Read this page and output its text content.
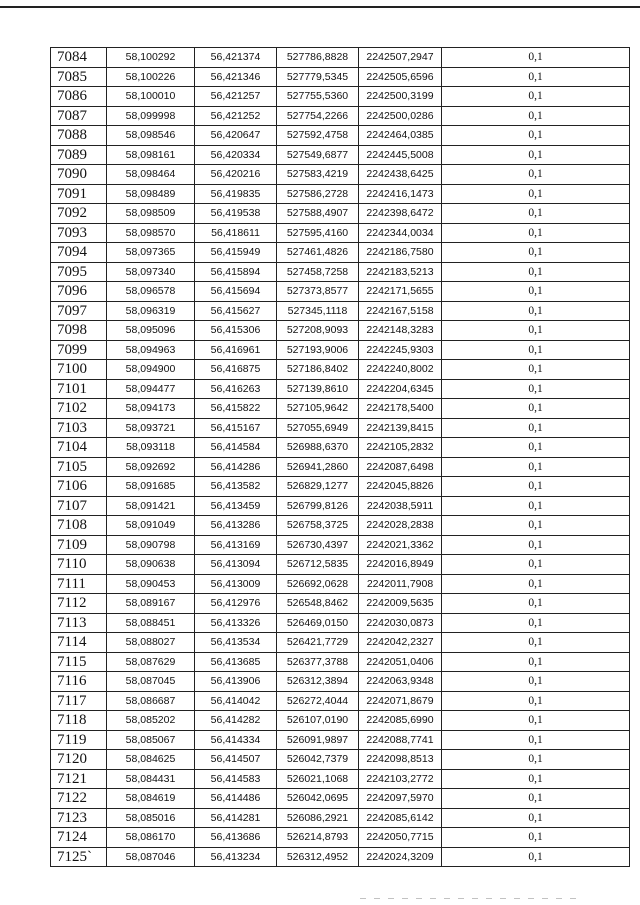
7084	58,100292	56,421374	527786,8828	2242507,2947	0,1
7085	58,100226	56,421346	527779,5345	2242505,6596	0,1
7086	58,100010	56,421257	527755,5360	2242500,3199	0,1
7087	58,099998	56,421252	527754,2266	2242500,0286	0,1
7088	58,098546	56,420647	527592,4758	2242464,0385	0,1
7089	58,098161	56,420334	527549,6877	2242445,5008	0,1
7090	58,098464	56,420216	527583,4219	2242438,6425	0,1
7091	58,098489	56,419835	527586,2728	2242416,1473	0,1
7092	58,098509	56,419538	527588,4907	2242398,6472	0,1
7093	58,098570	56,418611	527595,4160	2242344,0034	0,1
7094	58,097365	56,415949	527461,4826	2242186,7580	0,1
7095	58,097340	56,415894	527458,7258	2242183,5213	0,1
7096	58,096578	56,415694	527373,8577	2242171,5655	0,1
7097	58,096319	56,415627	527345,1118	2242167,5158	0,1
7098	58,095096	56,415306	527208,9093	2242148,3283	0,1
7099	58,094963	56,416961	527193,9006	2242245,9303	0,1
7100	58,094900	56,416875	527186,8402	2242240,8002	0,1
7101	58,094477	56,416263	527139,8610	2242204,6345	0,1
7102	58,094173	56,415822	527105,9642	2242178,5400	0,1
7103	58,093721	56,415167	527055,6949	2242139,8415	0,1
7104	58,093118	56,414584	526988,6370	2242105,2832	0,1
7105	58,092692	56,414286	526941,2860	2242087,6498	0,1
7106	58,091685	56,413582	526829,1277	2242045,8826	0,1
7107	58,091421	56,413459	526799,8126	2242038,5911	0,1
7108	58,091049	56,413286	526758,3725	2242028,2838	0,1
7109	58,090798	56,413169	526730,4397	2242021,3362	0,1
7110	58,090638	56,413094	526712,5835	2242016,8949	0,1
7111	58,090453	56,413009	526692,0628	2242011,7908	0,1
7112	58,089167	56,412976	526548,8462	2242009,5635	0,1
7113	58,088451	56,413326	526469,0150	2242030,0873	0,1
7114	58,088027	56,413534	526421,7729	2242042,2327	0,1
7115	58,087629	56,413685	526377,3788	2242051,0406	0,1
7116	58,087045	56,413906	526312,3894	2242063,9348	0,1
7117	58,086687	56,414042	526272,4044	2242071,8679	0,1
7118	58,085202	56,414282	526107,0190	2242085,6990	0,1
7119	58,085067	56,414334	526091,9897	2242088,7741	0,1
7120	58,084625	56,414507	526042,7379	2242098,8513	0,1
7121	58,084431	56,414583	526021,1068	2242103,2772	0,1
7122	58,084619	56,414486	526042,0695	2242097,5970	0,1
7123	58,085016	56,414281	526086,2921	2242085,6142	0,1
7124	58,086170	56,413686	526214,8793	2242050,7715	0,1
7125`	58,087046	56,413234	526312,4952	2242024,3209	0,1
